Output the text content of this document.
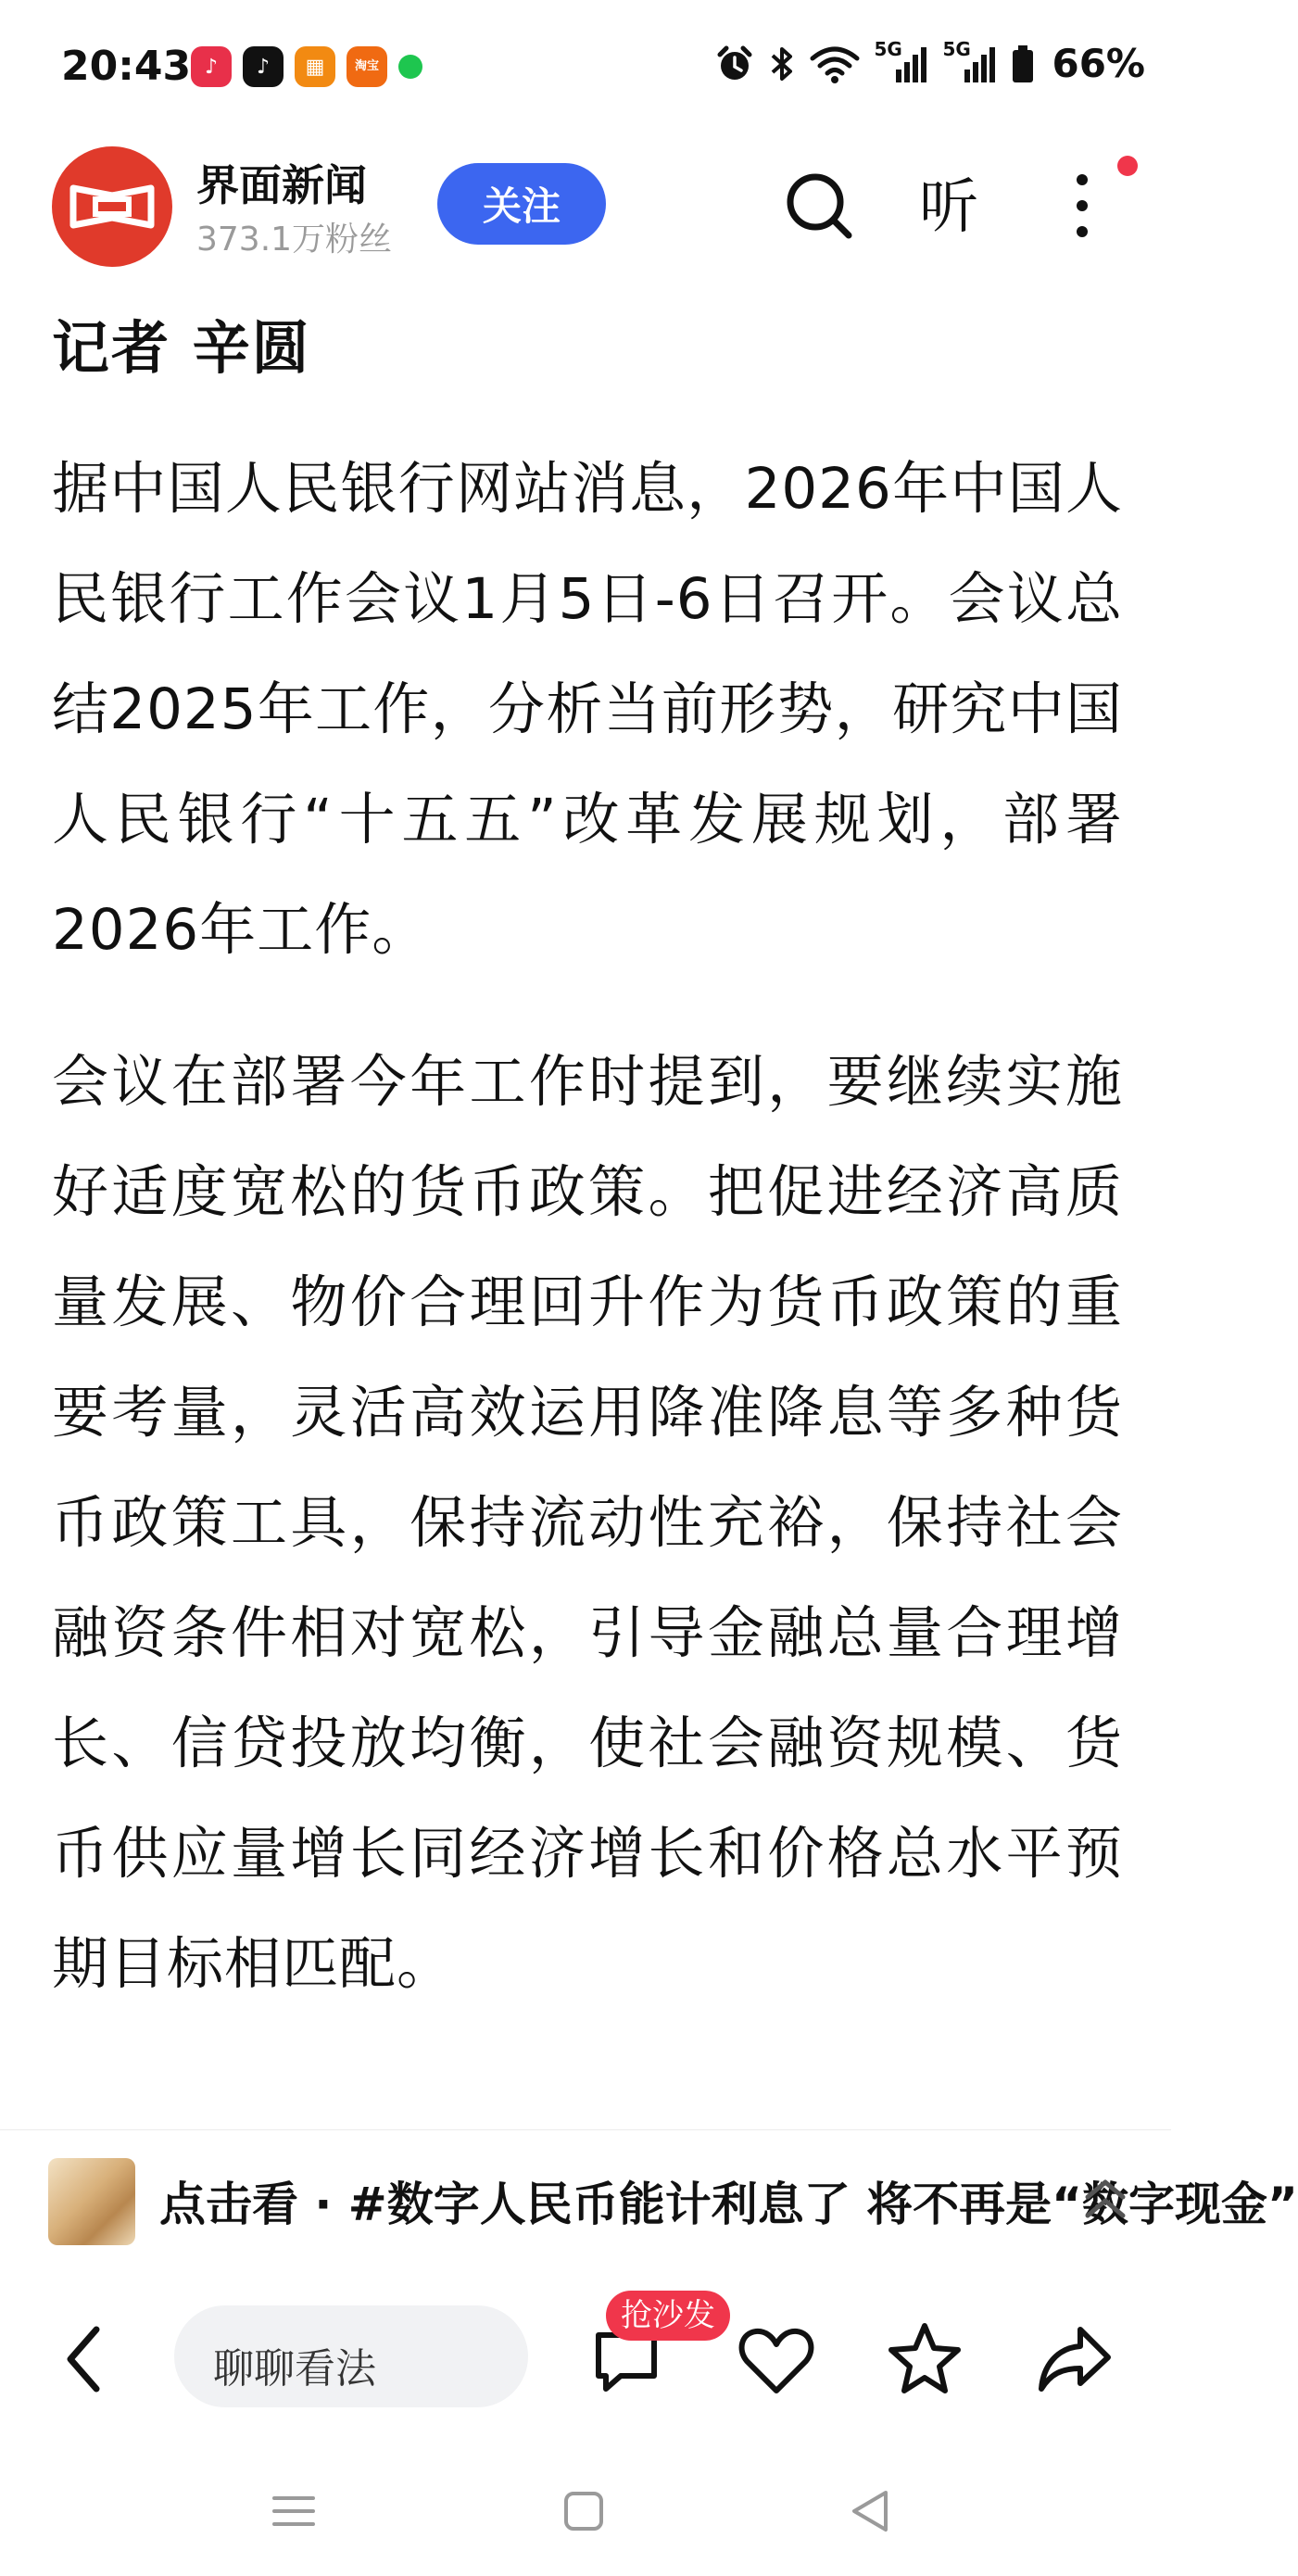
20:43 ♪	♪	▦	淘宝
5G 5G 66%
界面新闻
373.1万粉丝
关注	听
记者 辛圆
据中国人民银行网站消息，2026年中国人民银行工作会议1月5日-6日召开。会议总结2025年工作，分析当前形势，研究中国人民银行“十五五”改革发展规划，部署2026年工作。
会议在部署今年工作时提到，要继续实施好适度宽松的货币政策。把促进经济高质量发展、物价合理回升作为货币政策的重要考量，灵活高效运用降准降息等多种货币政策工具，保持流动性充裕，保持社会融资条件相对宽松，引导金融总量合理增长、信贷投放均衡，使社会融资规模、货币供应量增长同经济增长和价格总水平预期目标相匹配。
点击看 · #数字人民币能计利息了 将不再是“数字现金”
聊聊看法
抢沙发
